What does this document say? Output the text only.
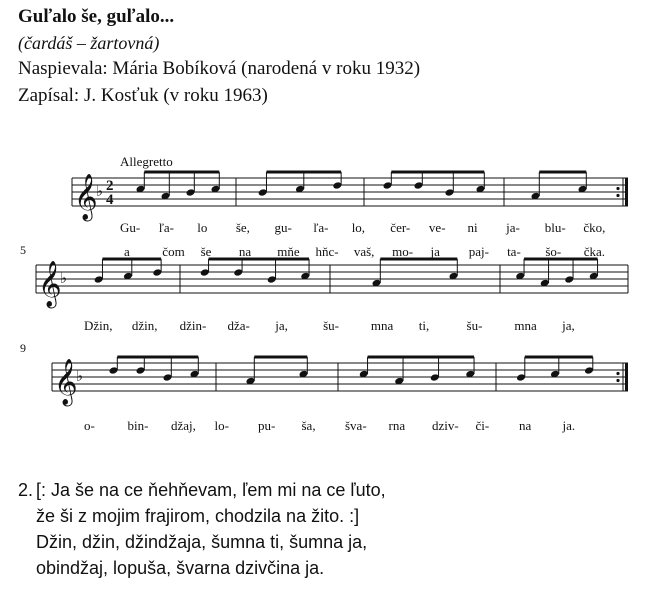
Guľalo še, guľalo...
(čardáš – žartovná)
Naspievala: Mária Bobíková (narodená v roku 1932)
Zapísal: J. Kosťuk (v roku 1963)
𝄞
♭
𝄞
♭
𝄞
♭
Allegretto
2
4
5
9
Gu- ľa- lo še, gu- ľa- lo, čer- ve- ni ja- blu- čko,
a	čom še na mňe hňc- vaš, mo- ja paj- ta- šo- čka.
Džin, džin, džin- dža- ja,	šu- mna ti,	šu- mna ja,
o-	bin- džaj, lo- pu- ša, šva- rna dziv- či- na ja.
2. [: Ja še na ce ňehňevam, ľem mi na ce ľuto,
že ši z mojim frajirom, chodzila na žito. :]
Džin, džin, džindžaja, šumna ti, šumna ja,
obindžaj, lopuša, švarna dzivčina ja.
